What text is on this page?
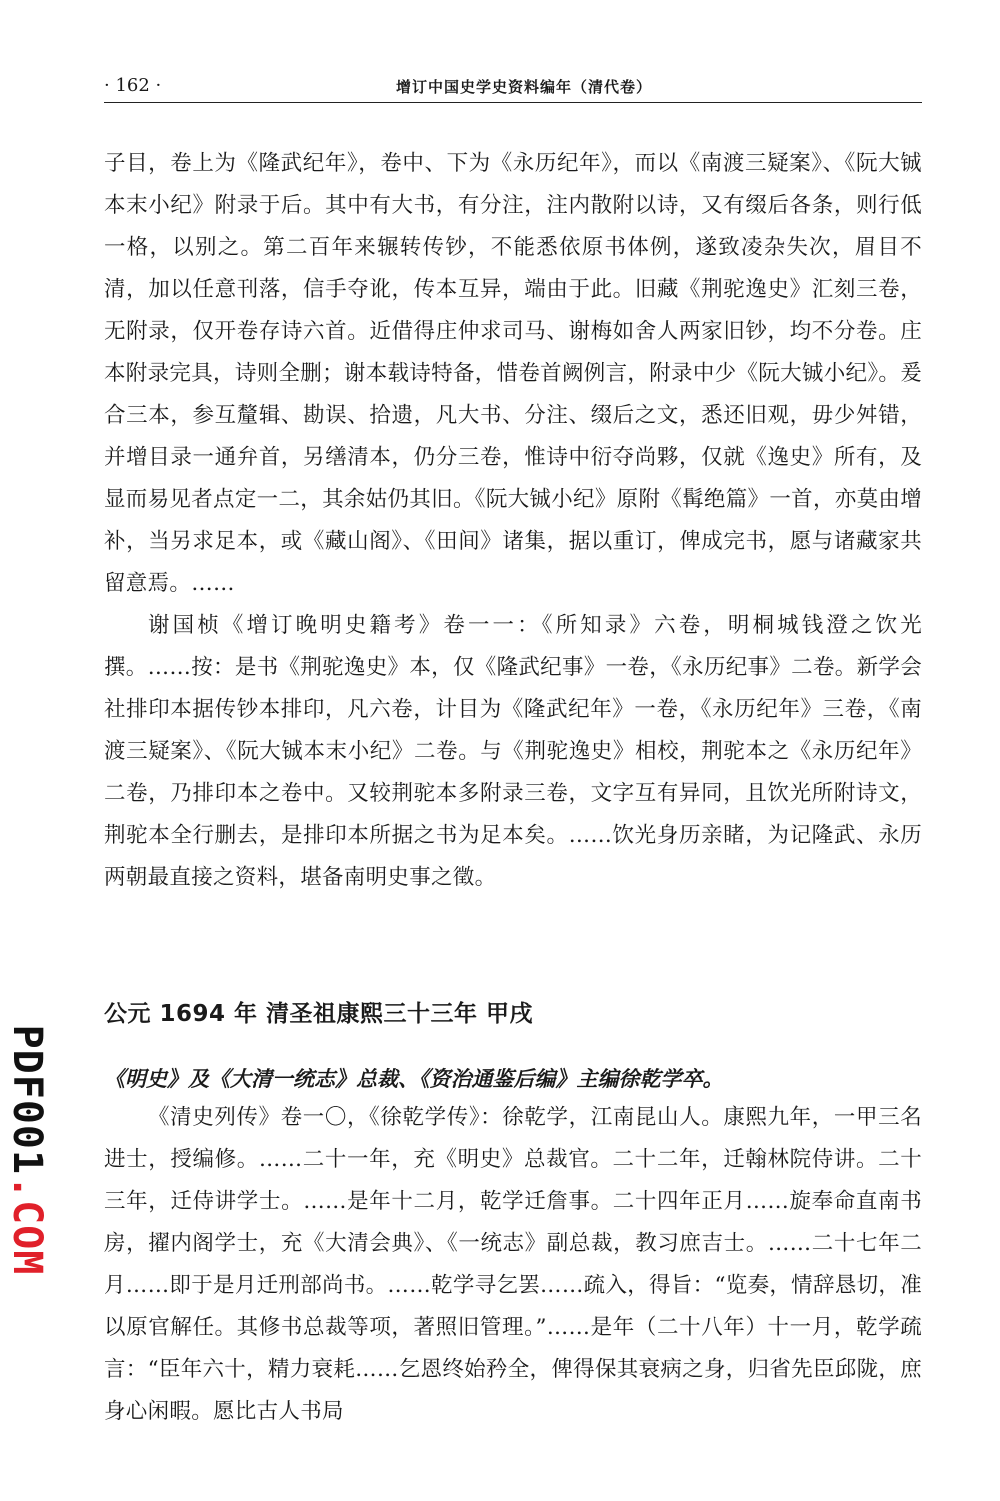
· 162 ·	增订中国史学史资料编年（清代卷）

子目，卷上为《隆武纪年》，卷中、下为《永历纪年》，而以《南渡三疑案》、《阮大铖本末小纪》附录于后。其中有大书，有分注，注内散附以诗，又有缀后各条，则行低一格，以别之。第二百年来辗转传钞，不能悉依原书体例，遂致凌杂失次，眉目不清，加以任意刊落，信手夺讹，传本互异，端由于此。旧藏《荆驼逸史》汇刻三卷，无附录，仅开卷存诗六首。近借得庄仲求司马、谢梅如舍人两家旧钞，均不分卷。庄本附录完具，诗则全删；谢本载诗特备，惜卷首阙例言，附录中少《阮大铖小纪》。爰合三本，参互釐辑、勘误、拾遗，凡大书、分注、缀后之文，悉还旧观，毋少舛错，并增目录一通弁首，另缮清本，仍分三卷，惟诗中衍夺尚夥，仅就《逸史》所有，及显而易见者点定一二，其余姑仍其旧。《阮大铖小纪》原附《髯绝篇》一首，亦莫由增补，当另求足本，或《藏山阁》、《田间》诸集，据以重订，俾成完书，愿与诸藏家共留意焉。……

谢国桢《增订晚明史籍考》卷一一：《所知录》六卷，明桐城钱澄之饮光撰。……按：是书《荆驼逸史》本，仅《隆武纪事》一卷，《永历纪事》二卷。新学会社排印本据传钞本排印，凡六卷，计目为《隆武纪年》一卷，《永历纪年》三卷，《南渡三疑案》、《阮大铖本末小纪》二卷。与《荆驼逸史》相校，荆驼本之《永历纪年》二卷，乃排印本之卷中。又较荆驼本多附录三卷，文字互有异同，且饮光所附诗文，荆驼本全行删去，是排印本所据之书为足本矣。……饮光身历亲睹，为记隆武、永历两朝最直接之资料，堪备南明史事之徵。

公元 1694 年 清圣祖康熙三十三年 甲戌
《明史》及《大清一统志》总裁、《资治通鉴后编》主编徐乾学卒。

《清史列传》卷一〇，《徐乾学传》：徐乾学，江南昆山人。康熙九年，一甲三名进士，授编修。……二十一年，充《明史》总裁官。二十二年，迁翰林院侍讲。二十三年，迁侍讲学士。……是年十二月，乾学迁詹事。二十四年正月……旋奉命直南书房，擢内阁学士，充《大清会典》、《一统志》副总裁，教习庶吉士。……二十七年二月……即于是月迁刑部尚书。……乾学寻乞罢……疏入，得旨：“览奏，情辞恳切，准以原官解任。其修书总裁等项，著照旧管理。”……是年（二十八年）十一月，乾学疏言：“臣年六十，精力衰耗……乞恩终始矜全，俾得保其衰病之身，归省先臣邱陇，庶身心闲暇。愿比古人书局

PDF001.COM
